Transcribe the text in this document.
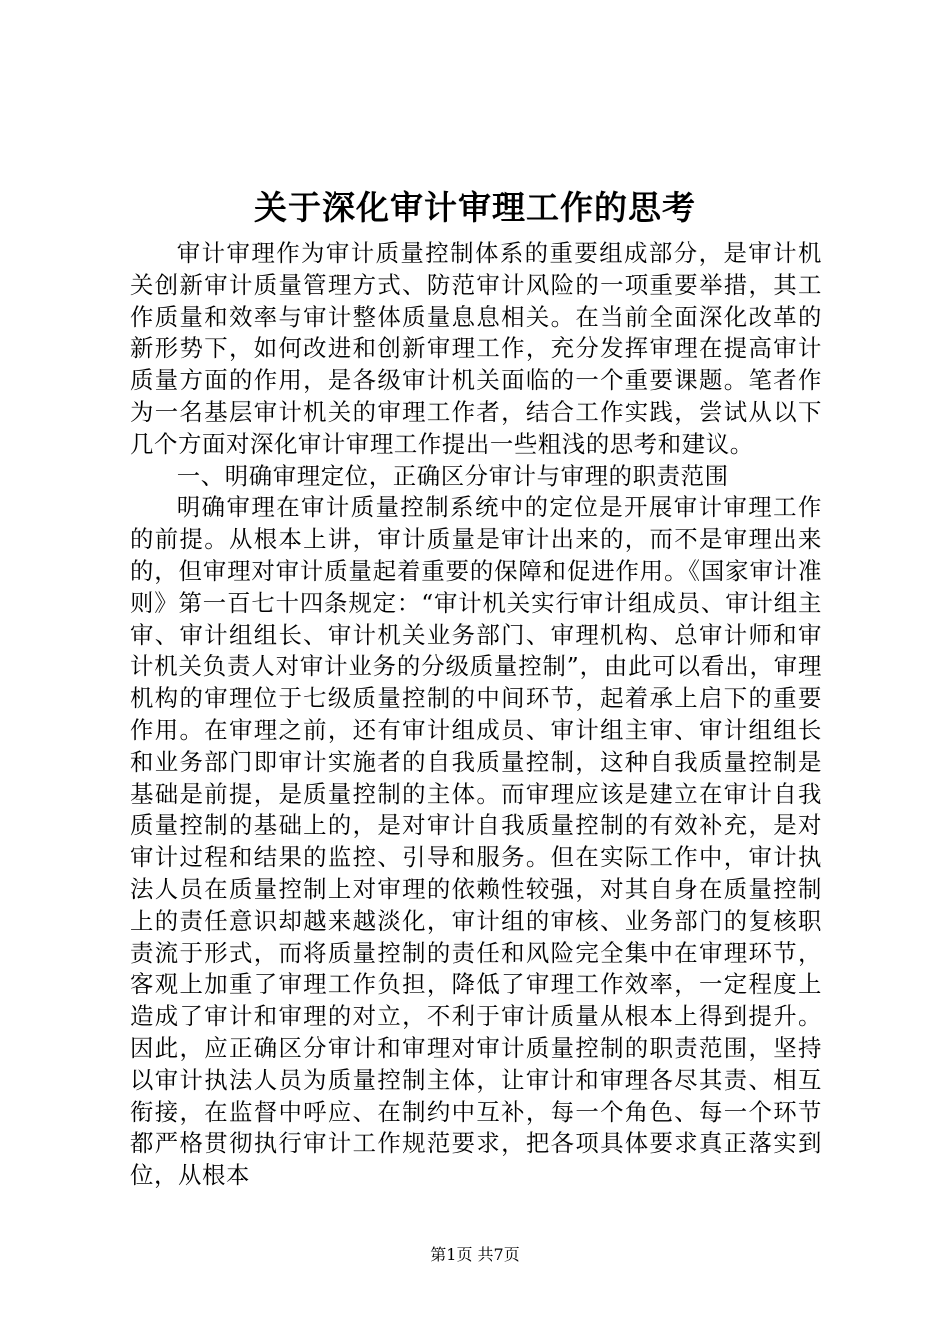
关于深化审计审理工作的思考

审计审理作为审计质量控制体系的重要组成部分，是审计机关创新审计质量管理方式、防范审计风险的一项重要举措，其工作质量和效率与审计整体质量息息相关。在当前全面深化改革的新形势下，如何改进和创新审理工作，充分发挥审理在提高审计质量方面的作用，是各级审计机关面临的一个重要课题。笔者作为一名基层审计机关的审理工作者，结合工作实践，尝试从以下几个方面对深化审计审理工作提出一些粗浅的思考和建议。

一、明确审理定位，正确区分审计与审理的职责范围

明确审理在审计质量控制系统中的定位是开展审计审理工作的前提。从根本上讲，审计质量是审计出来的，而不是审理出来的，但审理对审计质量起着重要的保障和促进作用。《国家审计准则》第一百七十四条规定：“审计机关实行审计组成员、审计组主审、审计组组长、审计机关业务部门、审理机构、总审计师和审计机关负责人对审计业务的分级质量控制”，由此可以看出，审理机构的审理位于七级质量控制的中间环节，起着承上启下的重要作用。在审理之前，还有审计组成员、审计组主审、审计组组长和业务部门即审计实施者的自我质量控制，这种自我质量控制是基础是前提，是质量控制的主体。而审理应该是建立在审计自我质量控制的基础上的，是对审计自我质量控制的有效补充，是对审计过程和结果的监控、引导和服务。但在实际工作中，审计执法人员在质量控制上对审理的依赖性较强，对其自身在质量控制上的责任意识却越来越淡化，审计组的审核、业务部门的复核职责流于形式，而将质量控制的责任和风险完全集中在审理环节，客观上加重了审理工作负担，降低了审理工作效率，一定程度上造成了审计和审理的对立，不利于审计质量从根本上得到提升。因此，应正确区分审计和审理对审计质量控制的职责范围，坚持以审计执法人员为质量控制主体，让审计和审理各尽其责、相互衔接，在监督中呼应、在制约中互补，每一个角色、每一个环节都严格贯彻执行审计工作规范要求，把各项具体要求真正落实到位，从根本

第1页 共7页
